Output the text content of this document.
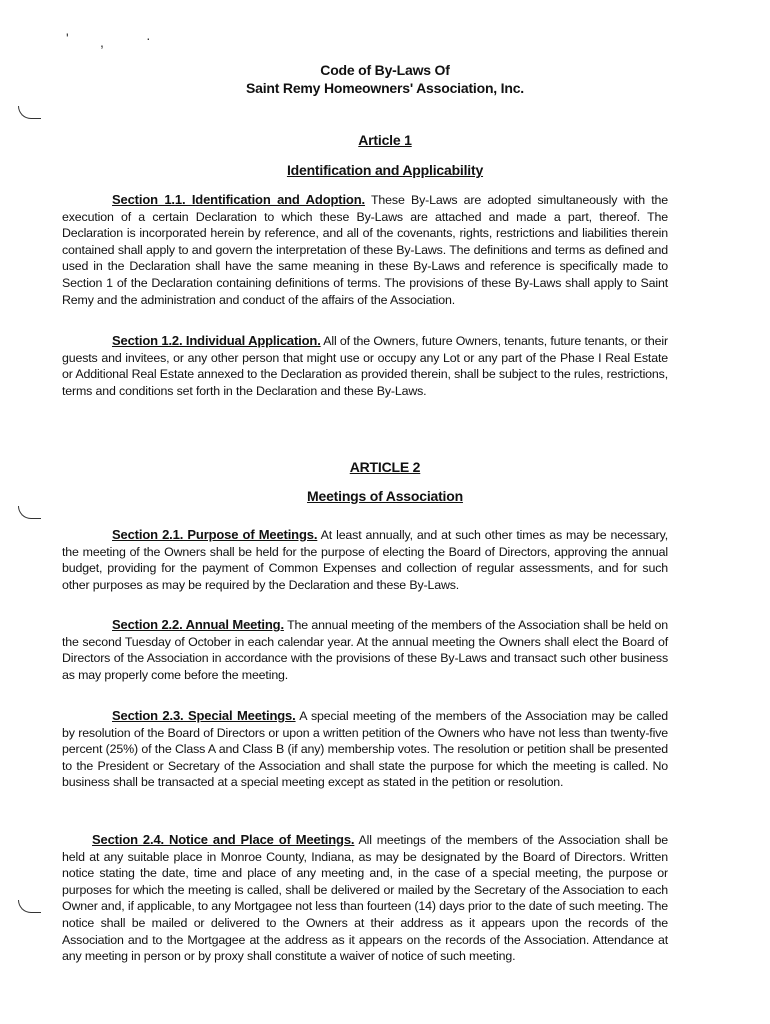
' ,	·
Code of By-Laws Of
Saint Remy Homeowners' Association, Inc.
Article 1
Identification and Applicability
Section 1.1. Identification and Adoption. These By-Laws are adopted simultaneously with the execution of a certain Declaration to which these By-Laws are attached and made a part, thereof. The Declaration is incorporated herein by reference, and all of the covenants, rights, restrictions and liabilities therein contained shall apply to and govern the interpretation of these By-Laws. The definitions and terms as defined and used in the Declaration shall have the same meaning in these By-Laws and reference is specifically made to Section 1 of the Declaration containing definitions of terms. The provisions of these By-Laws shall apply to Saint Remy and the administration and conduct of the affairs of the Association.
Section 1.2. Individual Application. All of the Owners, future Owners, tenants, future tenants, or their guests and invitees, or any other person that might use or occupy any Lot or any part of the Phase I Real Estate or Additional Real Estate annexed to the Declaration as provided therein, shall be subject to the rules, restrictions, terms and conditions set forth in the Declaration and these By-Laws.
ARTICLE 2
Meetings of Association
Section 2.1. Purpose of Meetings. At least annually, and at such other times as may be necessary, the meeting of the Owners shall be held for the purpose of electing the Board of Directors, approving the annual budget, providing for the payment of Common Expenses and collection of regular assessments, and for such other purposes as may be required by the Declaration and these By-Laws.
Section 2.2. Annual Meeting. The annual meeting of the members of the Association shall be held on the second Tuesday of October in each calendar year. At the annual meeting the Owners shall elect the Board of Directors of the Association in accordance with the provisions of these By-Laws and transact such other business as may properly come before the meeting.
Section 2.3. Special Meetings. A special meeting of the members of the Association may be called by resolution of the Board of Directors or upon a written petition of the Owners who have not less than twenty-five percent (25%) of the Class A and Class B (if any) membership votes. The resolution or petition shall be presented to the President or Secretary of the Association and shall state the purpose for which the meeting is called. No business shall be transacted at a special meeting except as stated in the petition or resolution.
Section 2.4. Notice and Place of Meetings. All meetings of the members of the Association shall be held at any suitable place in Monroe County, Indiana, as may be designated by the Board of Directors. Written notice stating the date, time and place of any meeting and, in the case of a special meeting, the purpose or purposes for which the meeting is called, shall be delivered or mailed by the Secretary of the Association to each Owner and, if applicable, to any Mortgagee not less than fourteen (14) days prior to the date of such meeting. The notice shall be mailed or delivered to the Owners at their address as it appears upon the records of the Association and to the Mortgagee at the address as it appears on the records of the Association. Attendance at any meeting in person or by proxy shall constitute a waiver of notice of such meeting.
